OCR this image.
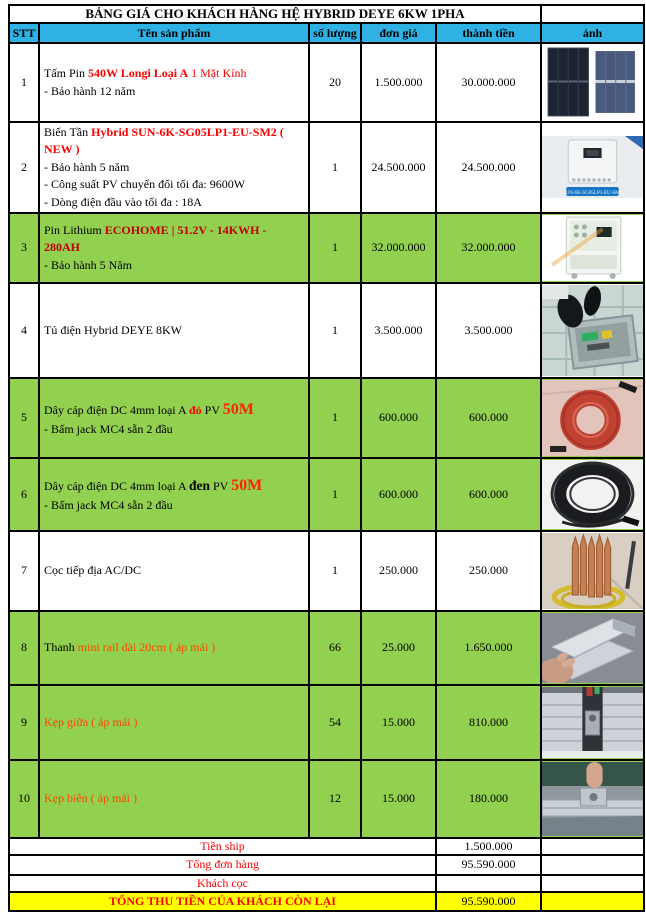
BẢNG GIÁ CHO KHÁCH HÀNG HỆ HYBRID DEYE 6KW 1PHA					
STT	Tên sản phẩm	số lượng	đơn giá	thành tiền	ảnh
1	Tấm Pin 540W Longi Loại A 1 Mặt Kính
- Bảo hành 12 năm	20	1.500.000	30.000.000	

2	Biến Tần Hybrid SUN-6K-SG05LP1-EU-SM2 ( NEW )
- Bảo hành 5 năm
- Công suất PV chuyển đổi tối đa: 9600W
- Dòng điện đầu vào tối đa : 18A	1	24.500.000	24.500.000	SUN-6K-SG05LP1-EU-SM2

3	Pin Lithium ECOHOME | 51.2V - 14KWH - 280AH
- Bảo hành 5 Năm	1	32.000.000	32.000.000	

4	Tủ điện Hybrid DEYE 8KW	1	3.500.000	3.500.000	

5	Dây cáp điện DC 4mm loại A đỏ PV 50M
- Bấm jack MC4 sẵn 2 đầu	1	600.000	600.000	

6	Dây cáp điện DC 4mm loại A đen PV 50M
- Bấm jack MC4 sẵn 2 đầu	1	600.000	600.000	

7	Cọc tiếp địa AC/DC	1	250.000	250.000	

8	Thanh mini rail dài 20cm ( áp mái )	66	25.000	1.650.000	

9	Kẹp giữa ( áp mái )	54	15.000	810.000	

10	Kẹp biên ( áp mái )	12	15.000	180.000	

Tiền ship				1.500.000	
Tổng đơn hàng				95.590.000	
Khách cọc					
TỔNG THU TIỀN CỦA KHÁCH CÒN LẠI				95.590.000	
